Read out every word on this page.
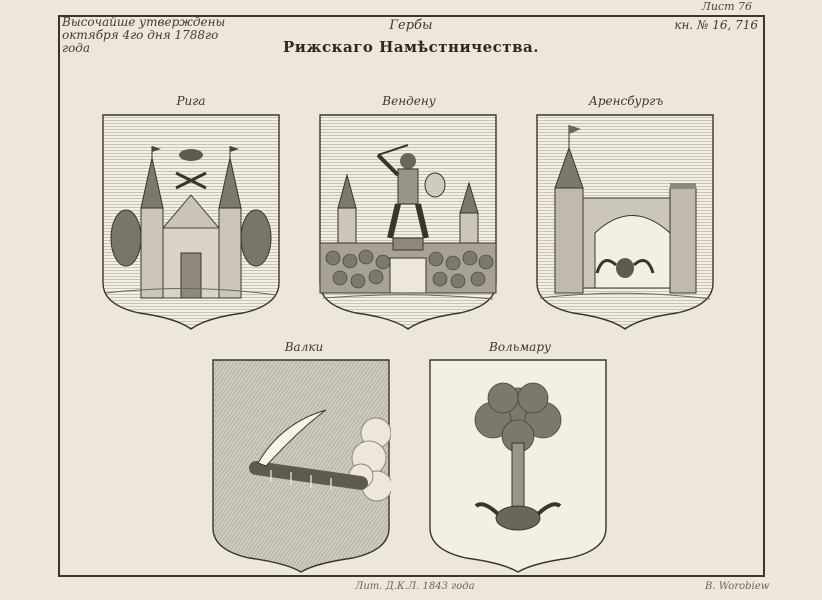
Лист 76
Высочайше утверждены октября 4го дня 1788го года
кн. № 16, 716
Гербы
Рижскаго Намѣстничества.
Рига	Вендену	Аренсбургъ
Валки	Вольмару
Лит. Д.К.Л. 1843 года	В. Worobiew
